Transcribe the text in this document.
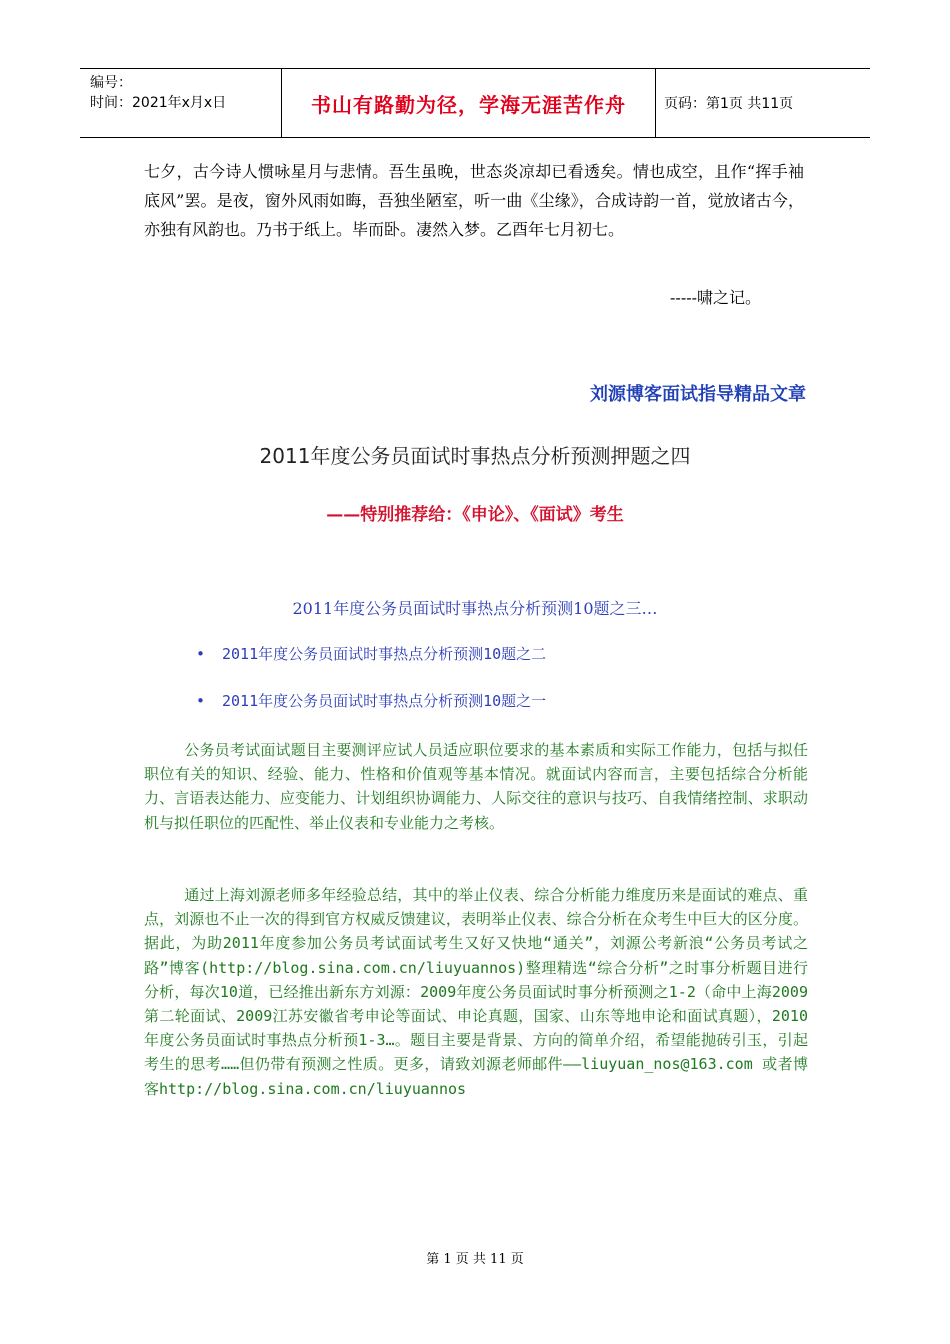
编号：
时间：2021年x月x日	书山有路勤为径，学海无涯苦作舟	页码：第1页 共11页
七夕，古今诗人惯咏星月与悲情。吾生虽晚，世态炎凉却已看透矣。情也成空，且作“挥手袖底风”罢。是夜，窗外风雨如晦，吾独坐陋室，听一曲《尘缘》，合成诗韵一首，觉放诸古今，亦独有风韵也。乃书于纸上。毕而卧。凄然入梦。乙酉年七月初七。
-----啸之记。
刘源博客面试指导精品文章
2011年度公务员面试时事热点分析预测押题之四
——特别推荐给：《申论》、《面试》考生
2011年度公务员面试时事热点分析预测10题之三…
• 2011年度公务员面试时事热点分析预测10题之二
• 2011年度公务员面试时事热点分析预测10题之一
公务员考试面试题目主要测评应试人员适应职位要求的基本素质和实际工作能力，包括与拟任职位有关的知识、经验、能力、性格和价值观等基本情况。就面试内容而言，主要包括综合分析能力、言语表达能力、应变能力、计划组织协调能力、人际交往的意识与技巧、自我情绪控制、求职动机与拟任职位的匹配性、举止仪表和专业能力之考核。
通过上海刘源老师多年经验总结，其中的举止仪表、综合分析能力维度历来是面试的难点、重点，刘源也不止一次的得到官方权威反馈建议，表明举止仪表、综合分析在众考生中巨大的区分度。据此，为助2011年度参加公务员考试面试考生又好又快地“通关”，刘源公考新浪“公务员考试之路”博客(http://blog.sina.com.cn/liuyuannos)整理精选“综合分析”之时事分析题目进行分析，每次10道，已经推出新东方刘源：2009年度公务员面试时事分析预测之1-2（命中上海2009第二轮面试、2009江苏安徽省考申论等面试、申论真题，国家、山东等地申论和面试真题），2010年度公务员面试时事热点分析预1-3…。题目主要是背景、方向的简单介绍，希望能抛砖引玉，引起考生的思考……但仍带有预测之性质。更多，请致刘源老师邮件——liuyuan_nos@163.com 或者博客http://blog.sina.com.cn/liuyuannos
第 1 页 共 11 页
